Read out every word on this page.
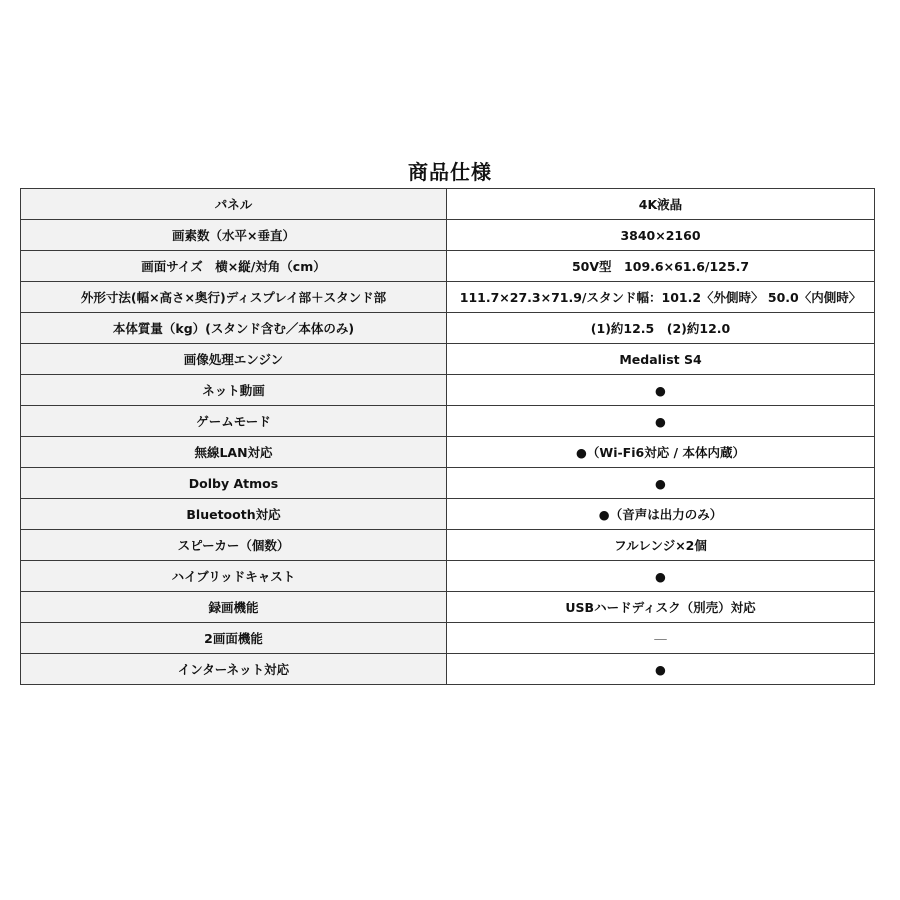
商品仕様
パネル	4K液晶
画素数（水平×垂直）	3840×2160
画面サイズ　横×縦/対角（cm）	50V型　109.6×61.6/125.7
外形寸法(幅×高さ×奥行)ディスプレイ部＋スタンド部	111.7×27.3×71.9/スタンド幅：101.2〈外側時〉 50.0〈内側時〉
本体質量（kg）(スタンド含む／本体のみ)	(1)約12.5　(2)約12.0
画像処理エンジン	Medalist S4
ネット動画	●
ゲームモード	●
無線LAN対応	●（Wi-Fi6対応 / 本体内蔵）
Dolby Atmos	●
Bluetooth対応	●（音声は出力のみ）
スピーカー（個数）	フルレンジ×2個
ハイブリッドキャスト	●
録画機能	USBハードディスク（別売）対応
2画面機能	―
インターネット対応	●
